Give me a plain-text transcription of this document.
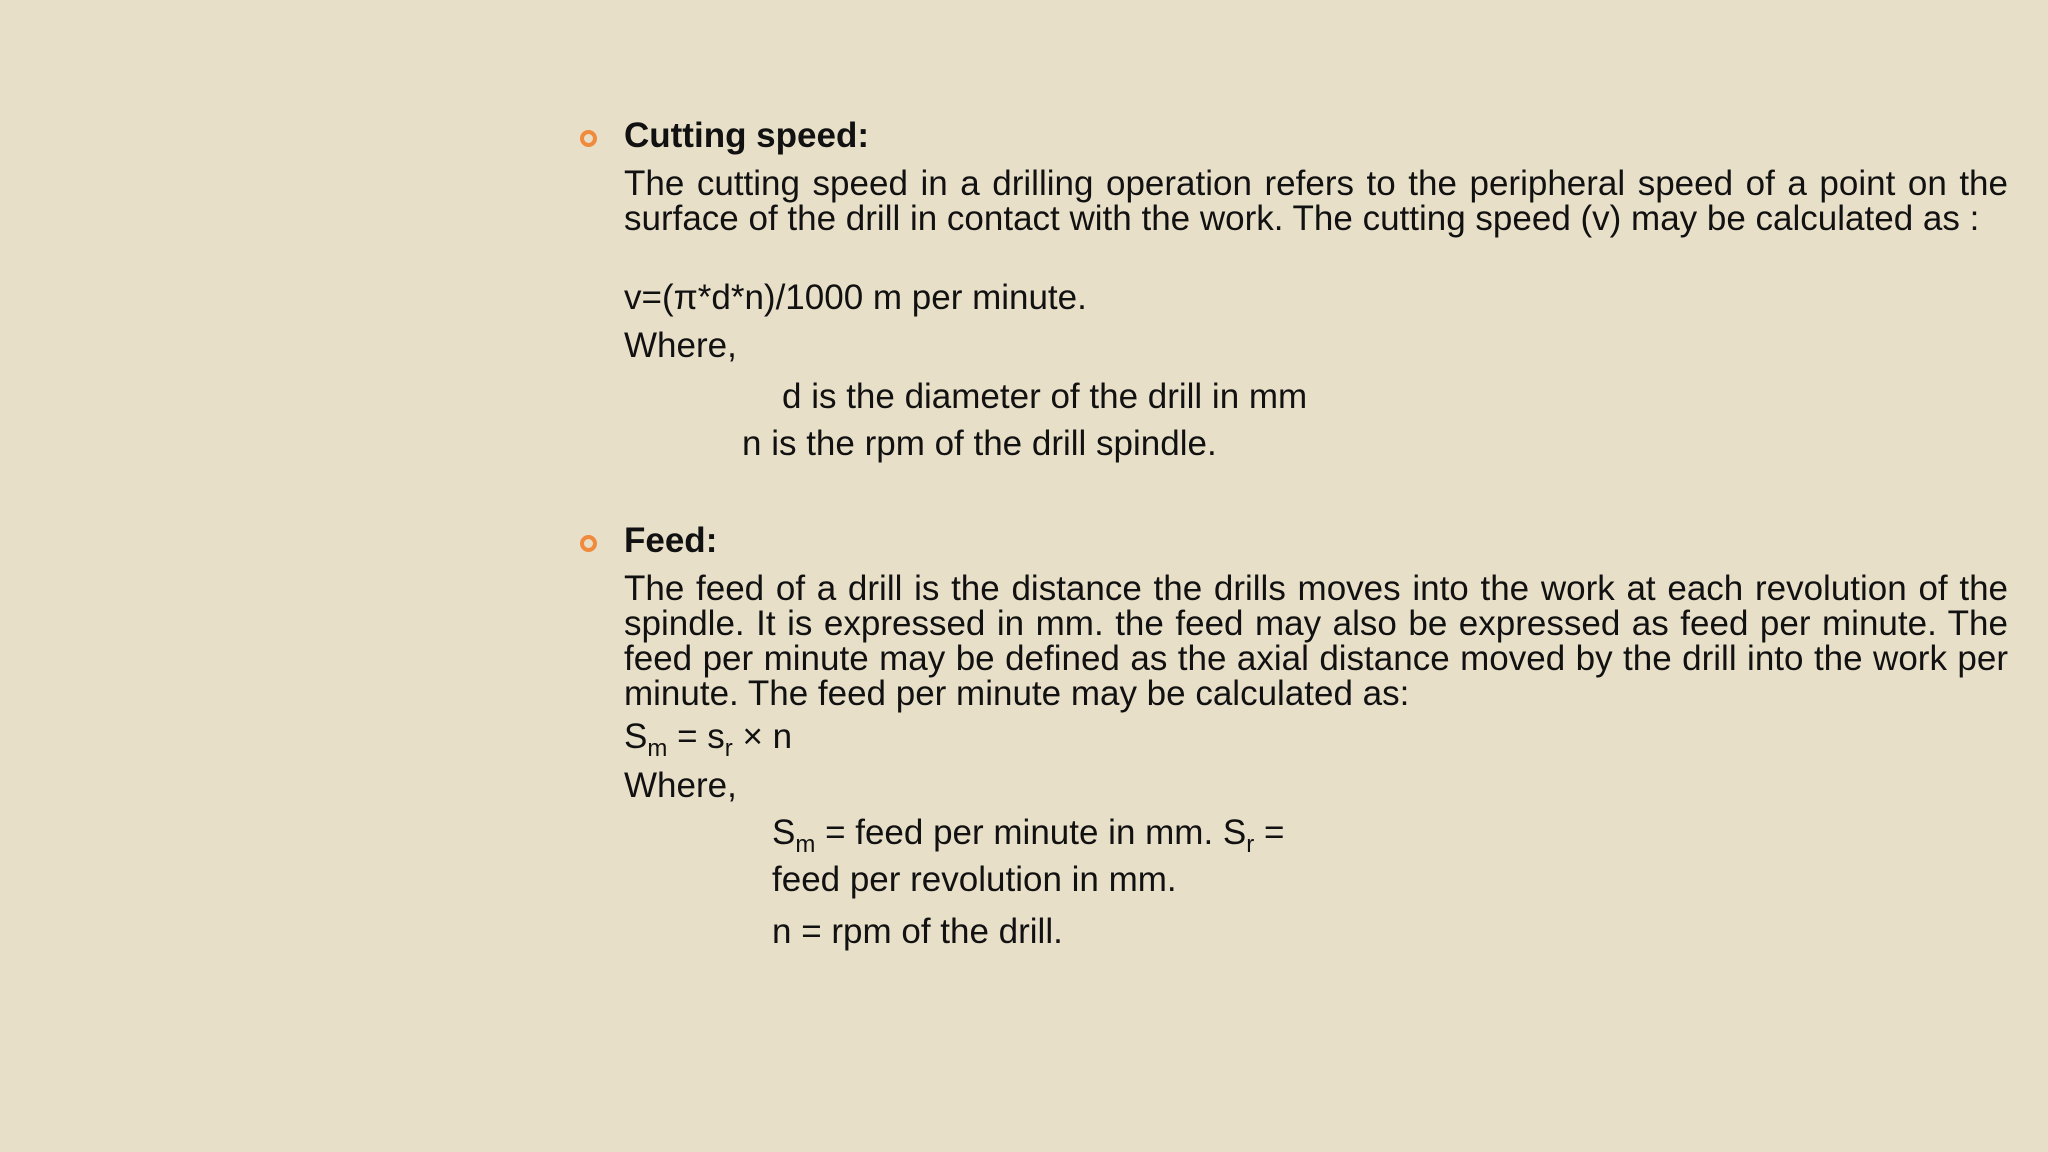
Cutting speed:
The cutting speed in a drilling operation refers to the peripheral speed of a point on the surface of the drill in contact with the work. The cutting speed (v) may be calculated as :
v=(π*d*n)/1000 m per minute.
Where,
d is the diameter of the drill in mm
n is the rpm of the drill spindle.
Feed:
The feed of a drill is the distance the drills moves into the work at each revolution of the spindle. It is expressed in mm. the feed may also be expressed as feed per minute. The feed per minute may be defined as the axial distance moved by the drill into the work per minute. The feed per minute may be calculated as:
$S_m = s_r \times n$
Where,
$S_m$ = feed per minute in mm. $S_r$ =
feed per revolution in mm.
n = rpm of the drill.
